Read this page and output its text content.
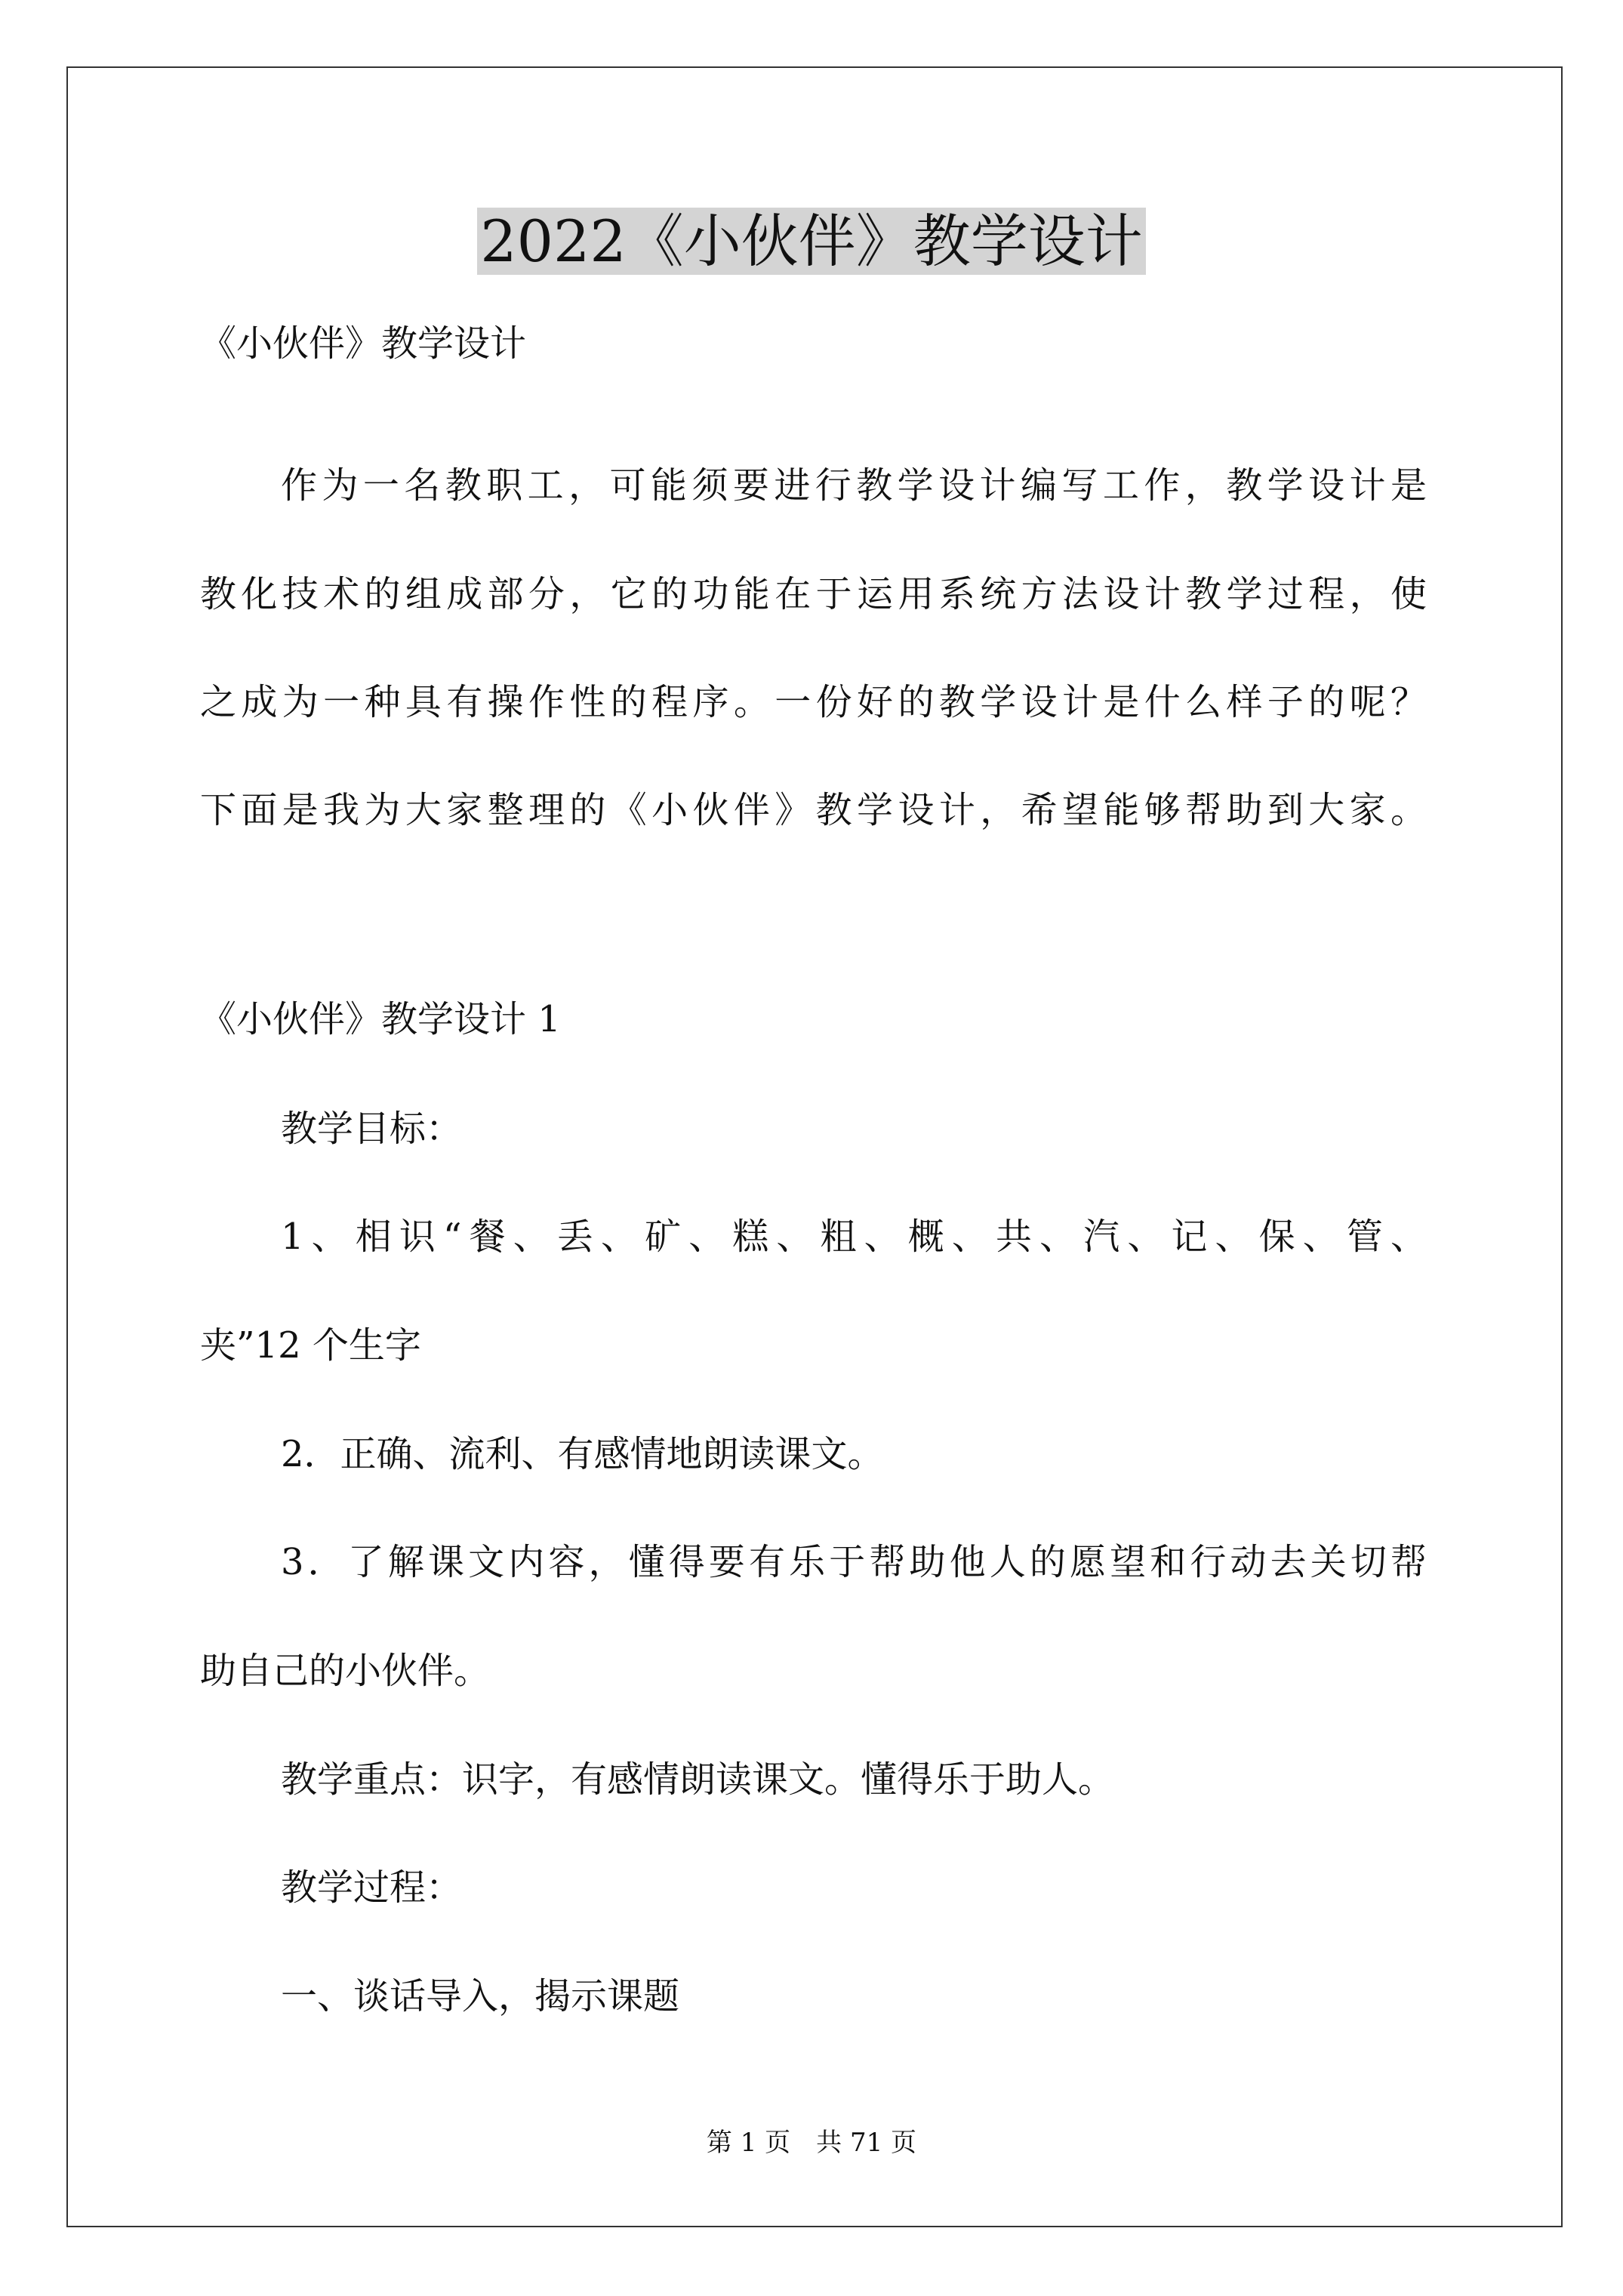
2022《小伙伴》教学设计

《小伙伴》教学设计

作为一名教职工，可能须要进行教学设计编写工作，教学设计是

教化技术的组成部分，它的功能在于运用系统方法设计教学过程，使

之成为一种具有操作性的程序。一份好的教学设计是什么样子的呢？

下面是我为大家整理的《小伙伴》教学设计，希望能够帮助到大家。

《小伙伴》教学设计 1

教学目标：

1、相识“餐、丢、矿、糕、粗、概、共、汽、记、保、管、

夹”12 个生字

2．正确、流利、有感情地朗读课文。

3．了解课文内容，懂得要有乐于帮助他人的愿望和行动去关切帮

助自己的小伙伴。

教学重点：识字，有感情朗读课文。懂得乐于助人。

教学过程：

一、谈话导入，揭示课题

第 1 页　共 71 页
